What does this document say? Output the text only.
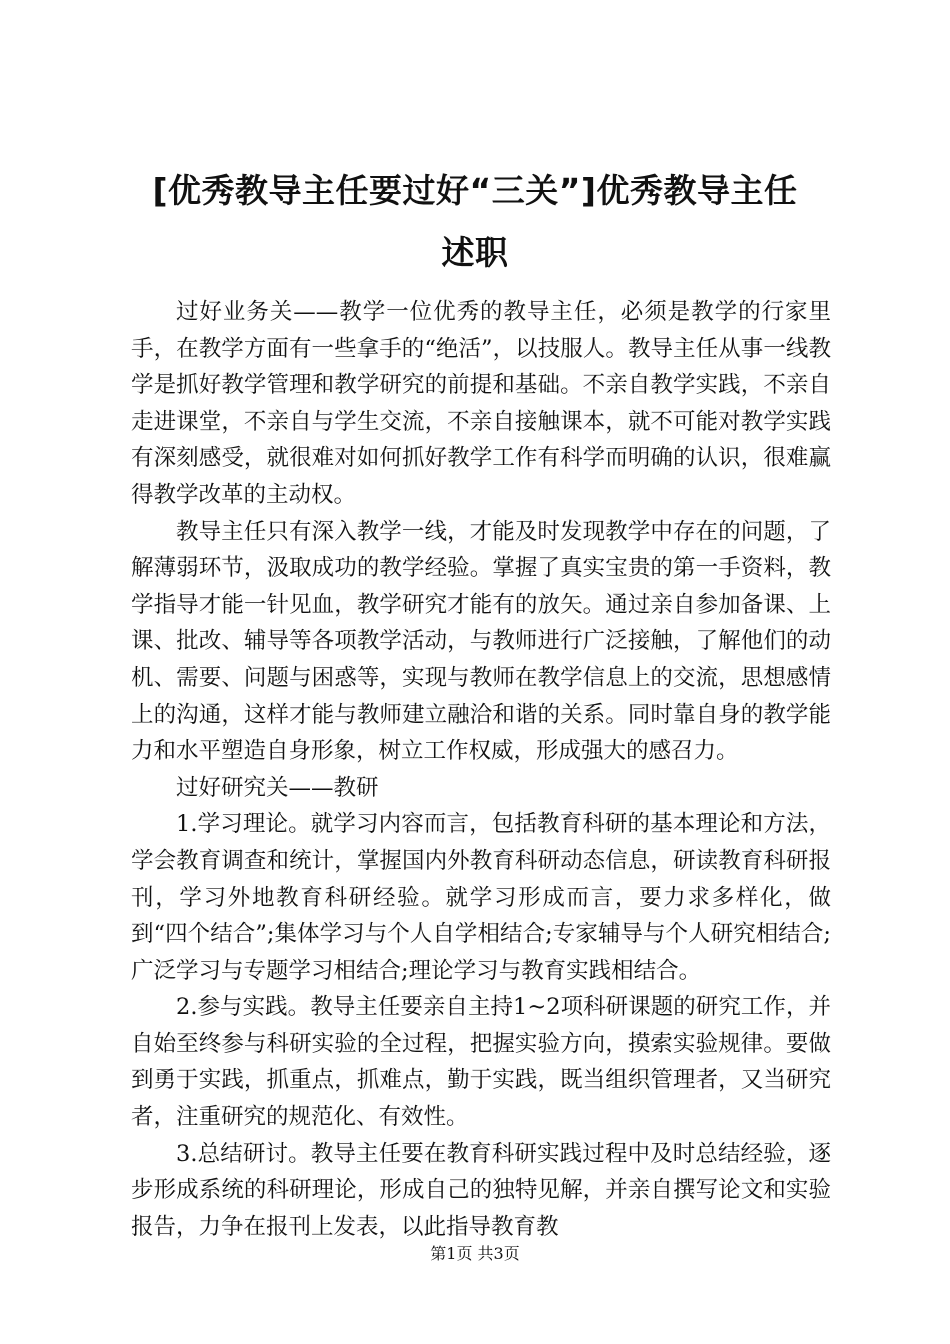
[优秀教导主任要过好“三关”]优秀教导主任
述职

过好业务关——教学一位优秀的教导主任，必须是教学的行家里手，在教学方面有一些拿手的“绝活”，以技服人。教导主任从事一线教学是抓好教学管理和教学研究的前提和基础。不亲自教学实践，不亲自走进课堂，不亲自与学生交流，不亲自接触课本，就不可能对教学实践有深刻感受，就很难对如何抓好教学工作有科学而明确的认识，很难赢得教学改革的主动权。

教导主任只有深入教学一线，才能及时发现教学中存在的问题，了解薄弱环节，汲取成功的教学经验。掌握了真实宝贵的第一手资料，教学指导才能一针见血，教学研究才能有的放矢。通过亲自参加备课、上课、批改、辅导等各项教学活动，与教师进行广泛接触，了解他们的动机、需要、问题与困惑等，实现与教师在教学信息上的交流，思想感情上的沟通，这样才能与教师建立融洽和谐的关系。同时靠自身的教学能力和水平塑造自身形象，树立工作权威，形成强大的感召力。

过好研究关——教研

1.学习理论。就学习内容而言，包括教育科研的基本理论和方法，学会教育调查和统计，掌握国内外教育科研动态信息，研读教育科研报刊，学习外地教育科研经验。就学习形成而言，要力求多样化，做到“四个结合”;集体学习与个人自学相结合;专家辅导与个人研究相结合;广泛学习与专题学习相结合;理论学习与教育实践相结合。

2.参与实践。教导主任要亲自主持1~2项科研课题的研究工作，并自始至终参与科研实验的全过程，把握实验方向，摸索实验规律。要做到勇于实践，抓重点，抓难点，勤于实践，既当组织管理者，又当研究者，注重研究的规范化、有效性。

3.总结研讨。教导主任要在教育科研实践过程中及时总结经验，逐步形成系统的科研理论，形成自己的独特见解，并亲自撰写论文和实验报告，力争在报刊上发表，以此指导教育教

第1页 共3页
